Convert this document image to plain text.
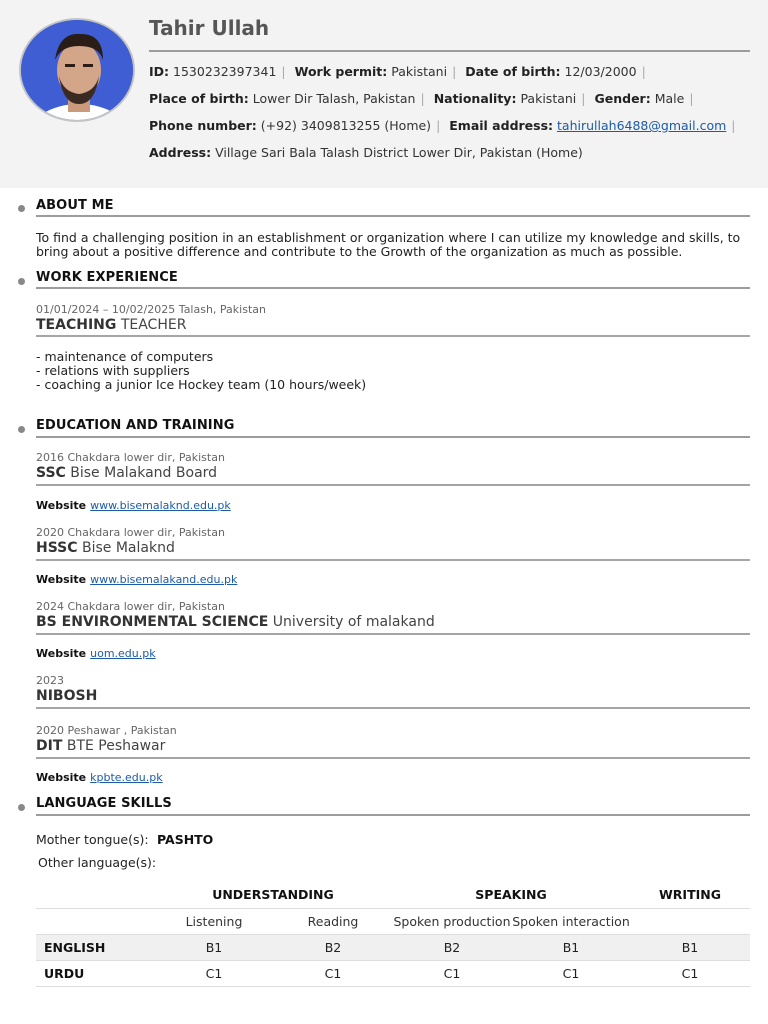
Tahir Ullah
ID: 1530232397341 | Work permit: Pakistani | Date of birth: 12/03/2000 |
Place of birth: Lower Dir Talash, Pakistan | Nationality: Pakistani | Gender: Male |
Phone number: (+92) 3409813255 (Home) | Email address: tahirullah6488@gmail.com |
Address: Village Sari Bala Talash District Lower Dir, Pakistan (Home)
ABOUT ME
To find a challenging position in an establishment or organization where I can utilize my knowledge and skills, to bring about a positive difference and contribute to the Growth of the organization as much as possible.
WORK EXPERIENCE
01/01/2024 – 10/02/2025 Talash, Pakistan
TEACHING TEACHER
- maintenance of computers
- relations with suppliers
- coaching a junior Ice Hockey team (10 hours/week)
EDUCATION AND TRAINING
2016 Chakdara lower dir, Pakistan
SSC Bise Malakand Board
Website www.bisemalaknd.edu.pk
2020 Chakdara lower dir, Pakistan
HSSC Bise Malaknd
Website www.bisemalakand.edu.pk
2024 Chakdara lower dir, Pakistan
BS ENVIRONMENTAL SCIENCE University of malakand
Website uom.edu.pk
2023
NIBOSH
2020 Peshawar , Pakistan
DIT BTE Peshawar
Website kpbte.edu.pk
LANGUAGE SKILLS
Mother tongue(s): PASHTO
Other language(s):
	UNDERSTANDING		SPEAKING		WRITING
	Listening	Reading	Spoken production	Spoken interaction	
ENGLISH	B1	B2	B2	B1	B1
URDU	C1	C1	C1	C1	C1
